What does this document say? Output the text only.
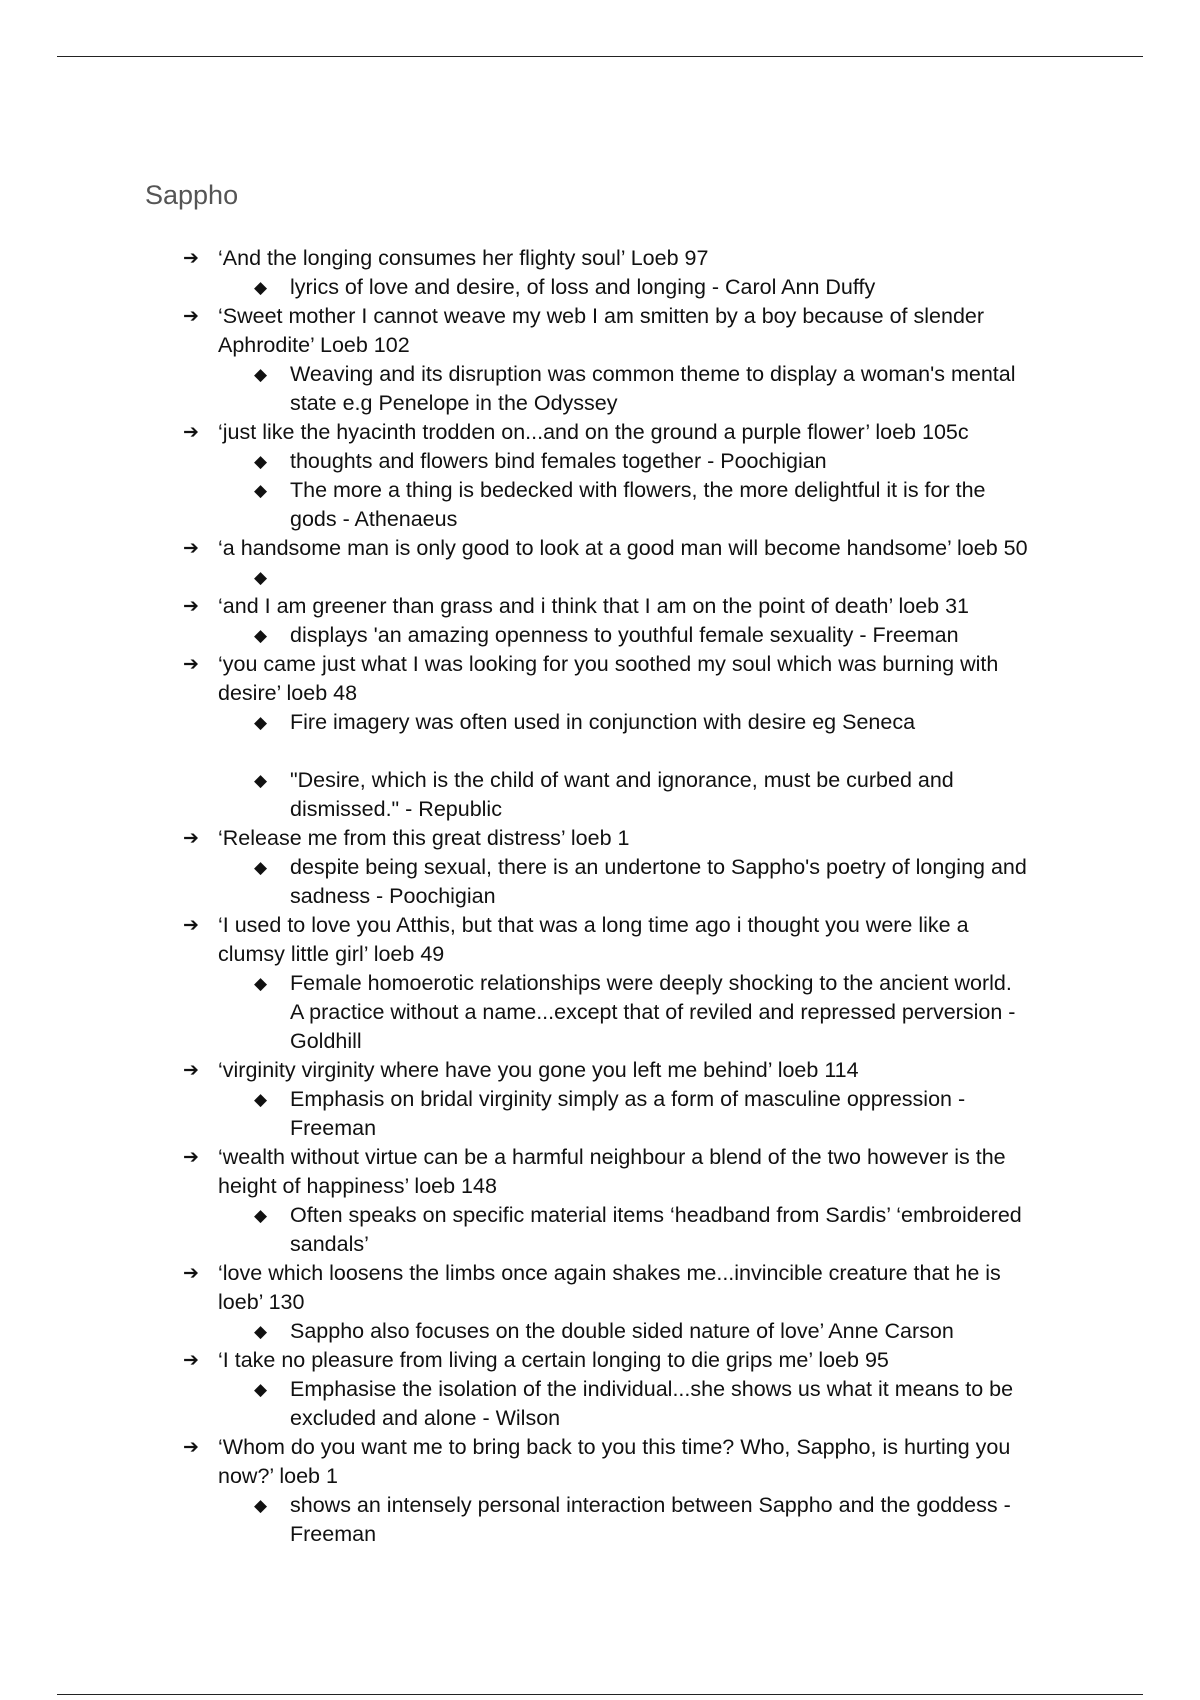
Sappho
➔ ‘And the longing consumes her flighty soul’ Loeb 97
◆ lyrics of love and desire, of loss and longing - Carol Ann Duffy
➔ ‘Sweet mother I cannot weave my web I am smitten by a boy because of slender
Aphrodite’ Loeb 102
◆ Weaving and its disruption was common theme to display a woman's mental
state e.g Penelope in the Odyssey
➔ ‘just like the hyacinth trodden on...and on the ground a purple flower’ loeb 105c
◆ thoughts and flowers bind females together - Poochigian
◆ The more a thing is bedecked with flowers, the more delightful it is for the
gods - Athenaeus
➔ ‘a handsome man is only good to look at a good man will become handsome’ loeb 50
◆
➔ ‘and I am greener than grass and i think that I am on the point of death’ loeb 31
◆ displays 'an amazing openness to youthful female sexuality - Freeman
➔ ‘you came just what I was looking for you soothed my soul which was burning with
desire’ loeb 48
◆ Fire imagery was often used in conjunction with desire eg Seneca
◆ "Desire, which is the child of want and ignorance, must be curbed and
dismissed." - Republic
➔ ‘Release me from this great distress’ loeb 1
◆ despite being sexual, there is an undertone to Sappho's poetry of longing and
sadness - Poochigian
➔ ‘I used to love you Atthis, but that was a long time ago i thought you were like a
clumsy little girl’ loeb 49
◆ Female homoerotic relationships were deeply shocking to the ancient world.
A practice without a name...except that of reviled and repressed perversion -
Goldhill
➔ ‘virginity virginity where have you gone you left me behind’ loeb 114
◆ Emphasis on bridal virginity simply as a form of masculine oppression -
Freeman
➔ ‘wealth without virtue can be a harmful neighbour a blend of the two however is the
height of happiness’ loeb 148
◆ Often speaks on specific material items ‘headband from Sardis’ ‘embroidered
sandals’
➔ ‘love which loosens the limbs once again shakes me...invincible creature that he is
loeb’ 130
◆ Sappho also focuses on the double sided nature of love’ Anne Carson
➔ ‘I take no pleasure from living a certain longing to die grips me’ loeb 95
◆ Emphasise the isolation of the individual...she shows us what it means to be
excluded and alone - Wilson
➔ ‘Whom do you want me to bring back to you this time? Who, Sappho, is hurting you
now?’ loeb 1
◆ shows an intensely personal interaction between Sappho and the goddess -
Freeman
